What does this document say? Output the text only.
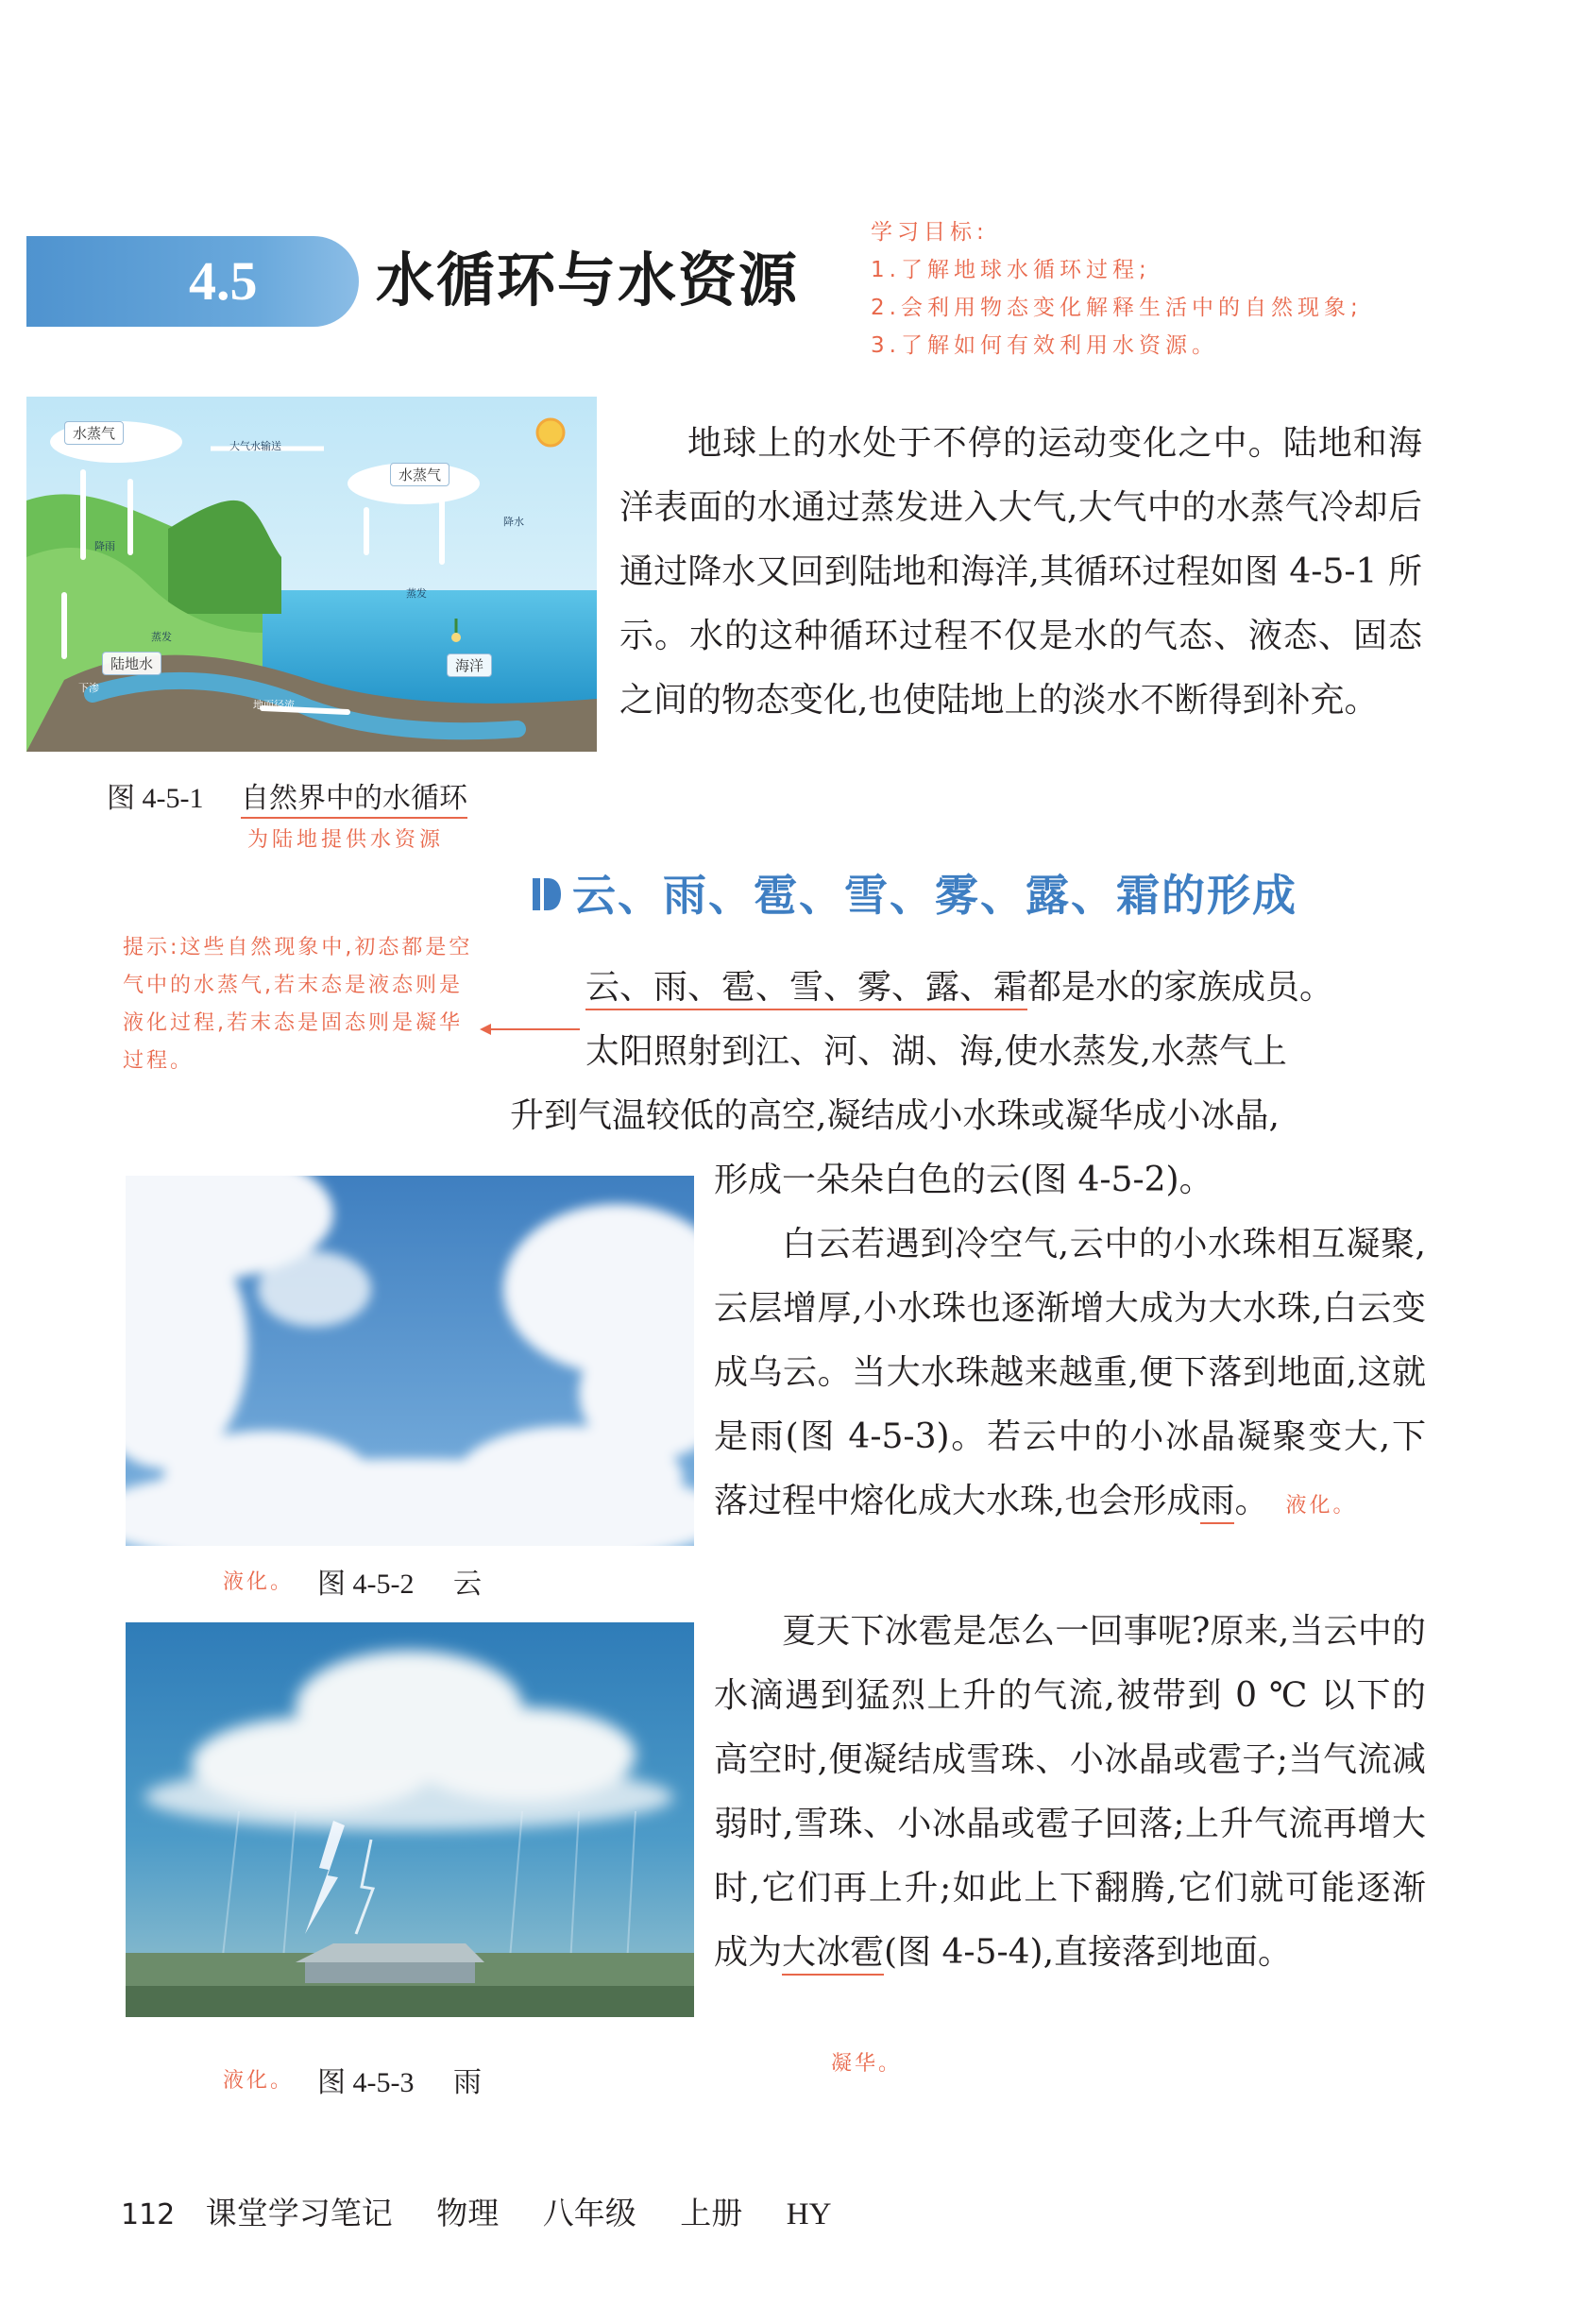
4.5	水循环与水资源
学习目标:
1.了解地球水循环过程;
2.会利用物态变化解释生活中的自然现象;
3.了解如何有效利用水资源。
水蒸气
大气水输送
水蒸气
降水
降雨
蒸发
蒸发
陆地水	海洋
下渗
地面径流
图 4-5-1 自然界中的水循环
为陆地提供水资源

地球上的水处于不停的运动变化之中。陆地和海洋表面的水通过蒸发进入大气,大气中的水蒸气冷却后通过降水又回到陆地和海洋,其循环过程如图 4-5-1 所示。水的这种循环过程不仅是水的气态、液态、固态之间的物态变化,也使陆地上的淡水不断得到补充。

云、雨、雹、雪、雾、露、霜的形成
提示:这些自然现象中,初态都是空气中的水蒸气,若末态是液态则是液化过程,若末态是固态则是凝华过程。

云、雨、雹、雪、雾、露、霜都是水的家族成员。

太阳照射到江、河、湖、海,使水蒸发,水蒸气上

升到气温较低的高空,凝结成小水珠或凝华成小冰晶,

形成一朵朵白色的云(图 4-5-2)。

液化。 图 4-5-2 云

白云若遇到冷空气,云中的小水珠相互凝聚,云层增厚,小水珠也逐渐增大成为大水珠,白云变成乌云。当大水珠越来越重,便下落到地面,这就是雨(图 4-5-3)。若云中的小冰晶凝聚变大,下落过程中熔化成大水珠,也会形成雨。 液化。

液化。 图 4-5-3 雨

夏天下冰雹是怎么一回事呢?原来,当云中的水滴遇到猛烈上升的气流,被带到 0 ℃ 以下的高空时,便凝结成雪珠、小冰晶或雹子;当气流减弱时,雪珠、小冰晶或雹子回落;上升气流再增大时,它们再上升;如此上下翻腾,它们就可能逐渐成为大冰雹(图 4-5-4),直接落到地面。

凝华。
112 课堂学习笔记 物理 八年级 上册 HY
